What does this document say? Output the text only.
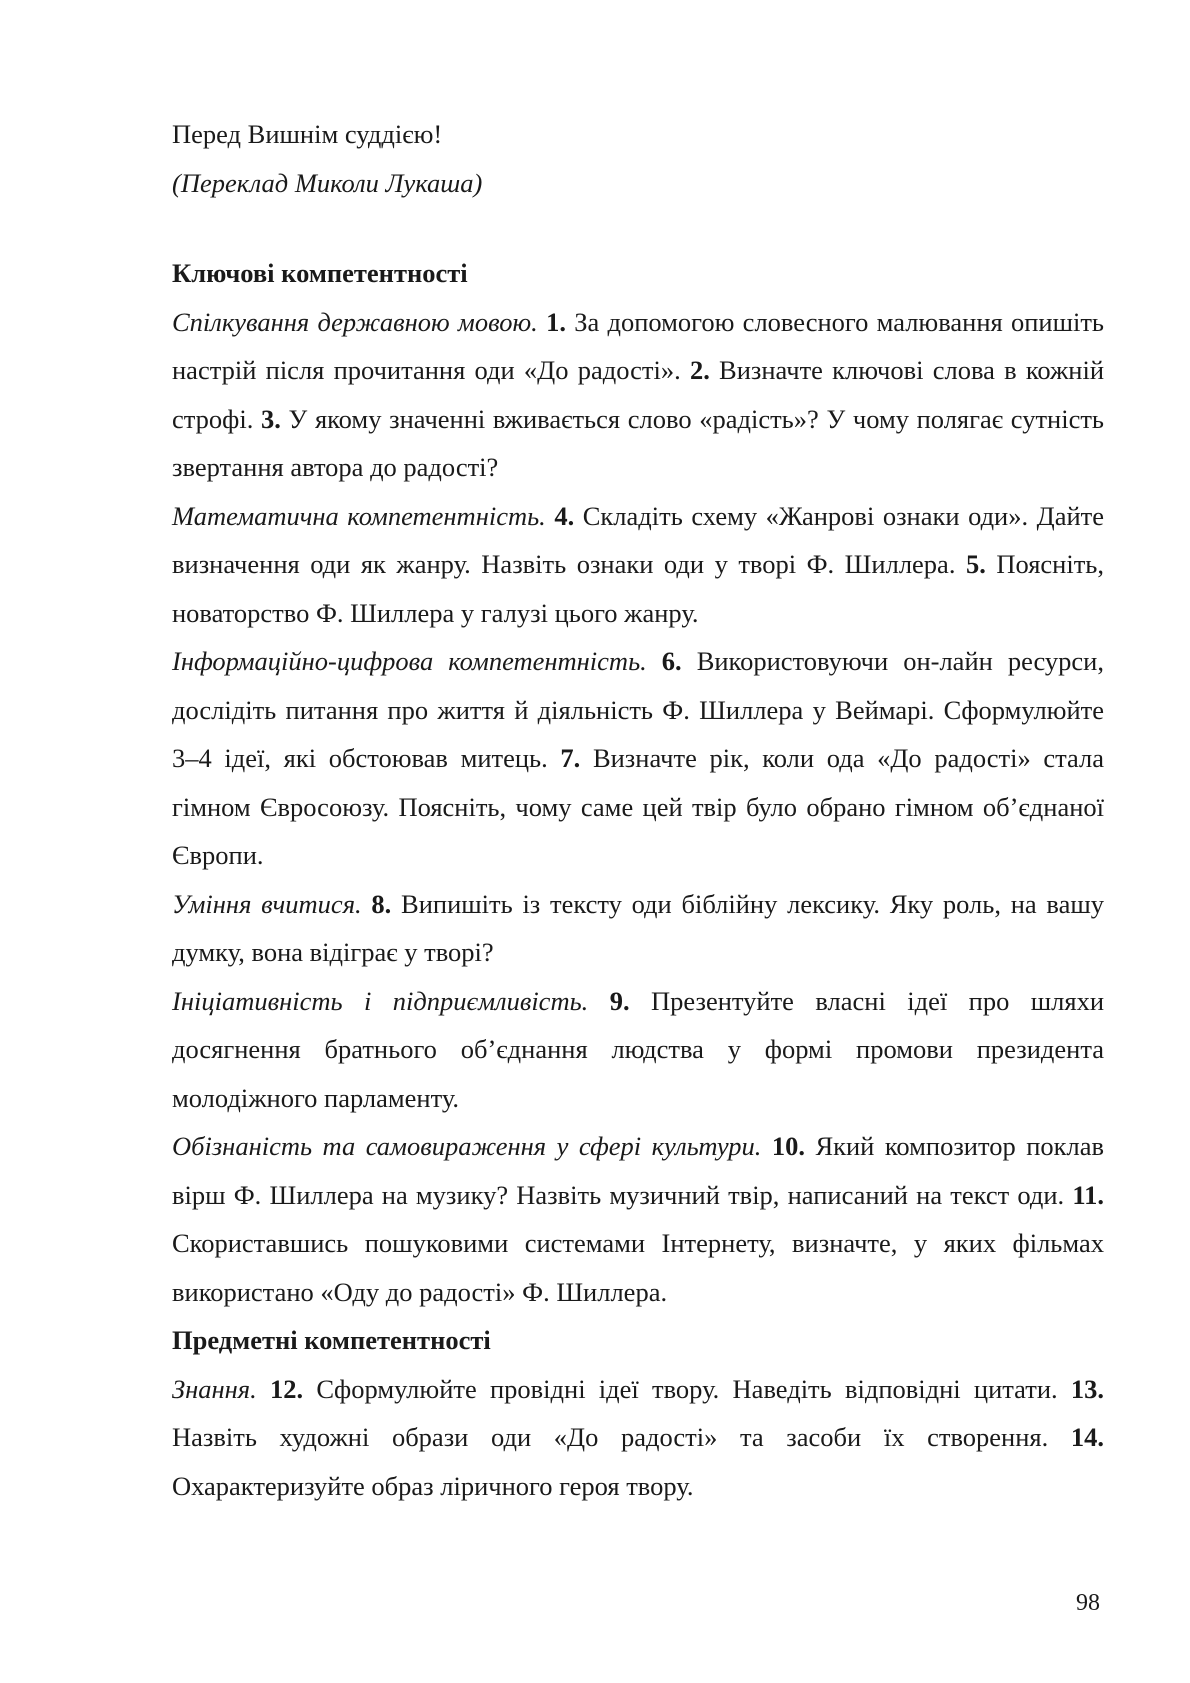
Перед Вишнім суддією!

(Переклад Миколи Лукаша)

Ключові компетентності

Спілкування державною мовою. 1. За допомогою словесного малювання опишіть настрій після прочитання оди «До радості». 2. Визначте ключові слова в кожній строфі. 3. У якому значенні вживається слово «радість»? У чому полягає сутність звертання автора до радості?

Математична компетентність. 4. Складіть схему «Жанрові ознаки оди». Дайте визначення оди як жанру. Назвіть ознаки оди у творі Ф. Шиллера. 5. Поясніть, новаторство Ф. Шиллера у галузі цього жанру.

Інформаційно-цифрова компетентність. 6. Використовуючи он-лайн ресурси, дослідіть питання про життя й діяльність Ф. Шиллера у Веймарі. Сформулюйте 3–4 ідеї, які обстоював митець. 7. Визначте рік, коли ода «До радості» стала гімном Євросоюзу. Поясніть, чому саме цей твір було обрано гімном об’єднаної Європи.

Уміння вчитися. 8. Випишіть із тексту оди біблійну лексику. Яку роль, на вашу думку, вона відіграє у творі?

Ініціативність і підприємливість. 9. Презентуйте власні ідеї про шляхи досягнення братнього об’єднання людства у формі промови президента молодіжного парламенту.

Обізнаність та самовираження у сфері культури. 10. Який композитор поклав вірш Ф. Шиллера на музику? Назвіть музичний твір, написаний на текст оди. 11. Скориставшись пошуковими системами Інтернету, визначте, у яких фільмах використано «Оду до радості» Ф. Шиллера.

Предметні компетентності

Знання. 12. Сформулюйте провідні ідеї твору. Наведіть відповідні цитати. 13. Назвіть художні образи оди «До радості» та засоби їх створення. 14. Охарактеризуйте образ ліричного героя твору.

98
